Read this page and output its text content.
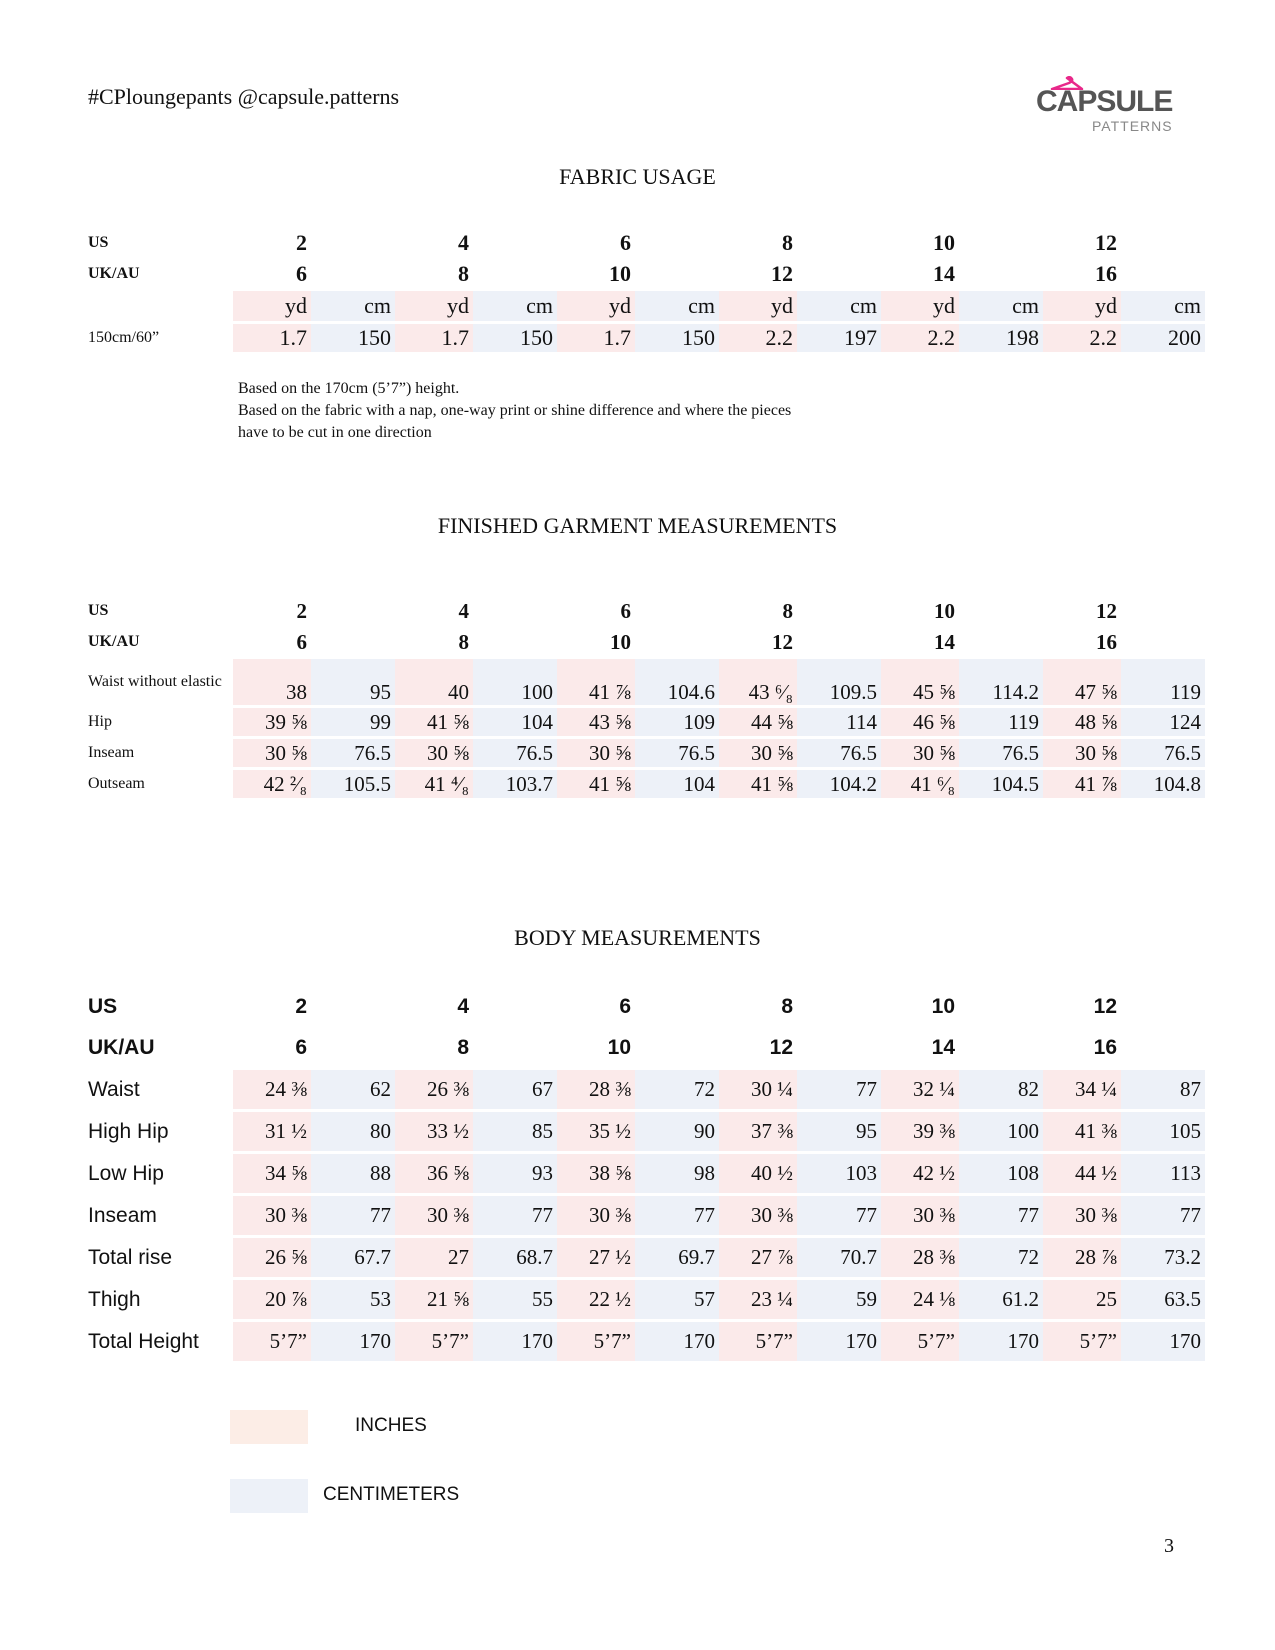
#CPloungepants @capsule.patterns	CAPSULE
PATTERNS
FABRIC USAGE
US	2		4		6		8		10		12	
UK/AU	6		8		10		12		14		16	
	yd	cm	yd	cm	yd	cm	yd	cm	yd	cm	yd	cm
150cm/60”	1.7	150	1.7	150	1.7	150	2.2	197	2.2	198	2.2	200
Based on the 170cm (5’7”) height.
Based on the fabric with a nap, one-way print or shine difference and where the pieces
have to be cut in one direction
FINISHED GARMENT MEASUREMENTS
US	2		4		6		8		10		12	
UK/AU	6		8		10		12		14		16	
Waist without elastic	38	95	40	100	41 ⅞	104.6	43 ⁶⁄₈	109.5	45 ⅝	114.2	47 ⅝	119
Hip	39 ⅝	99	41 ⅝	104	43 ⅝	109	44 ⅝	114	46 ⅝	119	48 ⅝	124
Inseam	30 ⅝	76.5	30 ⅝	76.5	30 ⅝	76.5	30 ⅝	76.5	30 ⅝	76.5	30 ⅝	76.5
Outseam	42 ²⁄₈	105.5	41 ⁴⁄₈	103.7	41 ⅝	104	41 ⅝	104.2	41 ⁶⁄₈	104.5	41 ⅞	104.8
BODY MEASUREMENTS
US	2		4		6		8		10		12	
UK/AU	6		8		10		12		14		16	
Waist	24 ⅜	62	26 ⅜	67	28 ⅜	72	30 ¼	77	32 ¼	82	34 ¼	87
High Hip	31 ½	80	33 ½	85	35 ½	90	37 ⅜	95	39 ⅜	100	41 ⅜	105
Low Hip	34 ⅝	88	36 ⅝	93	38 ⅝	98	40 ½	103	42 ½	108	44 ½	113
Inseam	30 ⅜	77	30 ⅜	77	30 ⅜	77	30 ⅜	77	30 ⅜	77	30 ⅜	77
Total rise	26 ⅝	67.7	27	68.7	27 ½	69.7	27 ⅞	70.7	28 ⅜	72	28 ⅞	73.2
Thigh	20 ⅞	53	21 ⅝	55	22 ½	57	23 ¼	59	24 ⅛	61.2	25	63.5
Total Height	5’7”	170	5’7”	170	5’7”	170	5’7”	170	5’7”	170	5’7”	170
INCHES
CENTIMETERS
3
